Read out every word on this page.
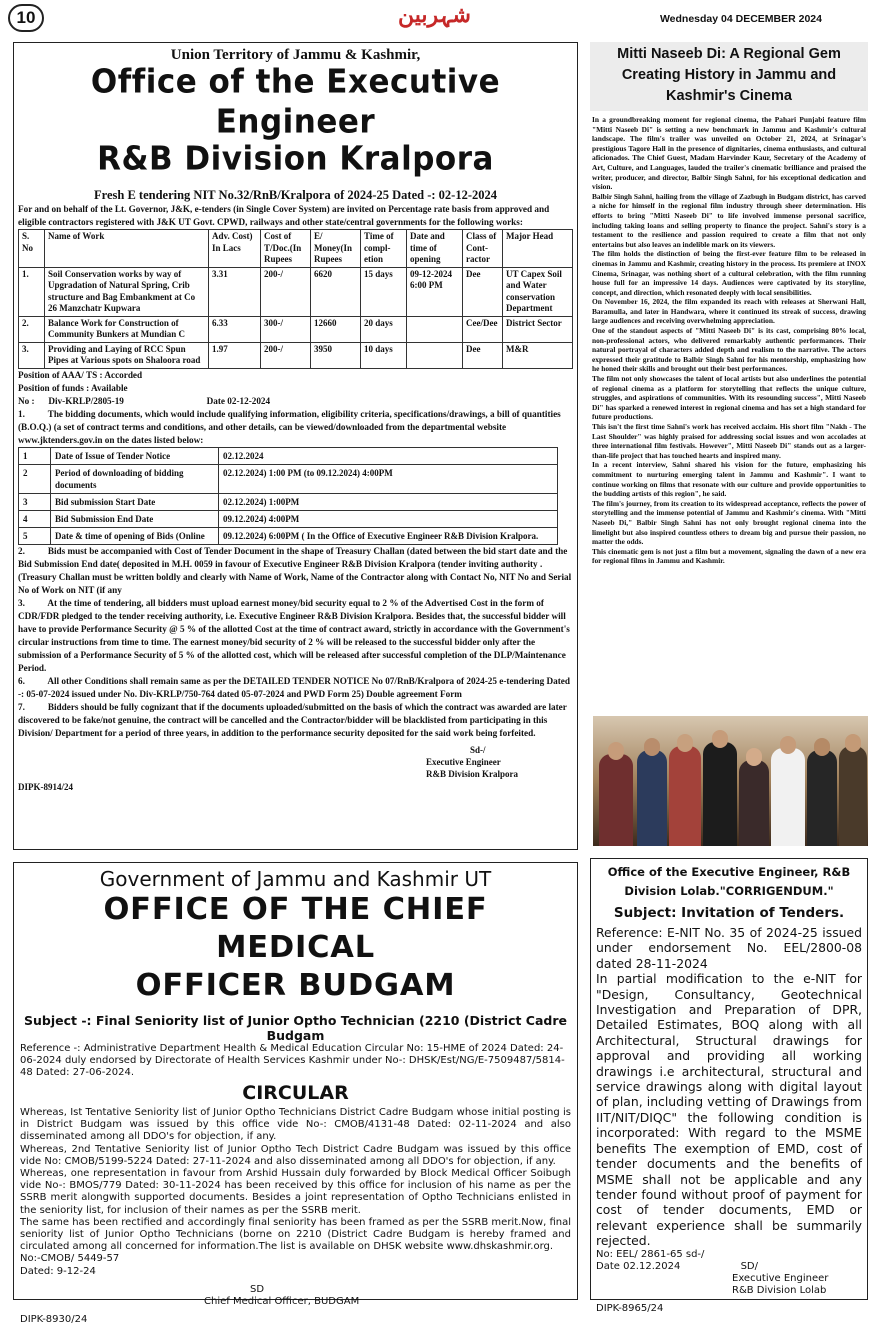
10	شہربین	Wednesday 04 DECEMBER 2024
Union Territory of Jammu & Kashmir,
Office of the Executive Engineer
R&B Division Kralpora
Fresh E tendering NIT No.32/RnB/Kralpora of 2024-25 Dated -: 02-12-2024

For and on behalf of the Lt. Governor, J&K, e-tenders (in Single Cover System) are invited on Percentage rate basis from approved and eligible contractors registered with J&K UT Govt. CPWD, railways and other state/central governments for the following works:

S. No	Name of Work	Adv. Cost) In Lacs	Cost of T/Doc.(In Rupees	E/ Money(In Rupees	Time of compl-etion	Date and time of opening	Class of Cont-ractor	Major Head
1.	Soil Conservation works by way of Upgradation of Natural Spring, Crib structure and Bag Embankment at Co 26 Manzchatr Kupwara	3.31	200-/	6620	15 days	09-12-2024 6:00 PM	Dee	UT Capex Soil and Water conservation Department
2.	Balance Work for Construction of Community Bunkers at Mundian C	6.33	300-/	12660	20 days		Cee/Dee	District Sector
3.	Providing and Laying of RCC Spun Pipes at Various spots on Shaloora road	1.97	200-/	3950	10 days		Dee	M&R

Position of AAA/ TS : Accorded

Position of funds : Available

No :      Div-KRLP/2805-19                                    Date 02-12-2024

1.          The bidding documents, which would include qualifying information, eligibility criteria, specifications/drawings, a bill of quantities (B.O.Q.) (a set of contract terms and conditions, and other details, can be viewed/downloaded from the departmental website www.jktenders.gov.in on the dates listed below:

1	Date of Issue of Tender Notice	02.12.2024
2	Period of downloading of bidding documents	02.12.2024) 1:00 PM (to 09.12.2024) 4:00PM
3	Bid submission Start Date	02.12.2024) 1:00PM
4	Bid Submission End Date	09.12.2024) 4:00PM
5	Date & time of opening of Bids (Online	09.12.2024) 6:00PM ( In the Office of Executive Engineer R&B Division Kralpora.

2.          Bids must be accompanied with Cost of Tender Document in the shape of Treasury Challan (dated between the bid start date and the Bid Submission End date( deposited in M.H. 0059 in favour of Executive Engineer R&B Division Kralpora (tender inviting authority .(Treasury Challan must be written boldly and clearly with Name of Work, Name of the Contractor along with Contact No, NIT No and Serial No of Work on NIT (if any

3.          At the time of tendering, all bidders must upload earnest money/bid security equal to 2 % of the Advertised Cost in the form of CDR/FDR pledged to the tender receiving authority, i.e. Executive Engineer R&B Division Kralpora. Besides that, the successful bidder will have to provide Performance Security @ 5 % of the allotted Cost at the time of contract award, strictly in accordance with the Government's circular instructions from time to time. The earnest money/bid security of 2 % will be released to the successful bidder only after the submission of a Performance Security of 5 % of the allotted cost, which will be released after successful completion of the DLP/Maintenance Period.

6.          All other Conditions shall remain same as per the DETAILED TENDER NOTICE No 07/RnB/Kralpora of 2024-25 e-tendering Dated -: 05-07-2024 issued under No. Div-KRLP/750-764 dated 05-07-2024 and PWD Form 25) Double agreement Form

7.          Bidders should be fully cognizant that if the documents uploaded/submitted on the basis of which the contract was awarded are later discovered to be fake/not genuine, the contract will be cancelled and the Contractor/bidder will be blacklisted from participating in this Division/ Department for a period of three years, in addition to the performance security deposited for the said work being forfeited.

Sd-/
Executive Engineer
R&B Division Kralpora
DIPK-8914/24
Mitti Naseeb Di: A Regional Gem Creating History in Jammu and Kashmir's Cinema
In a groundbreaking moment for regional cinema, the Pahari Punjabi feature film "Mitti Naseeb Di" is setting a new benchmark in Jammu and Kashmir's cultural landscape. The film's trailer was unveiled on October 21, 2024, at Srinagar's prestigious Tagore Hall in the presence of dignitaries, cinema enthusiasts, and cultural aficionados. The Chief Guest, Madam Harvinder Kaur, Secretary of the Academy of Art, Culture, and Languages, lauded the trailer's cinematic brilliance and praised the writer, producer, and director, Balbir Singh Sahni, for his exceptional dedication and vision.
Balbir Singh Sahni, hailing from the village of Zazbugh in Budgam district, has carved a niche for himself in the regional film industry through sheer determination. His efforts to bring "Mitti Naseeb Di" to life involved immense personal sacrifice, including taking loans and selling property to finance the project. Sahni's story is a testament to the resilience and passion required to create a film that not only entertains but also leaves an indelible mark on its viewers.
The film holds the distinction of being the first-ever feature film to be released in cinemas in Jammu and Kashmir, creating history in the process. Its premiere at INOX Cinema, Srinagar, was nothing short of a cultural celebration, with the film running house full for an impressive 14 days. Audiences were captivated by its storyline, concept, and direction, which resonated deeply with local sensibilities.
On November 16, 2024, the film expanded its reach with releases at Sherwani Hall, Baramulla, and later in Handwara, where it continued its streak of success, drawing large audiences and receiving overwhelming appreciation.
One of the standout aspects of "Mitti Naseeb Di" is its cast, comprising 80% local, non-professional actors, who delivered remarkably authentic performances. Their natural portrayal of characters added depth and realism to the narrative. The actors expressed their gratitude to Balbir Singh Sahni for his mentorship, emphasizing how he honed their skills and brought out their best performances.
The film not only showcases the talent of local artists but also underlines the potential of regional cinema as a platform for storytelling that reflects the unique culture, struggles, and aspirations of communities. With its resounding success", Mitti Naseeb Di" has sparked a renewed interest in regional cinema and has set a high standard for future productions.
This isn't the first time Sahni's work has received acclaim. His short film "Nakh - The Last Shoulder" was highly praised for addressing social issues and won accolades at three international film festivals. However", Mitti Naseeb Di" stands out as a larger-than-life project that has touched hearts and inspired many.
In a recent interview, Sahni shared his vision for the future, emphasizing his commitment to nurturing emerging talent in Jammu and Kashmir". I want to continue working on films that resonate with our culture and provide opportunities to the budding artists of this region", he said.
The film's journey, from its creation to its widespread acceptance, reflects the power of storytelling and the immense potential of Jammu and Kashmir's cinema. With "Mitti Naseeb Di," Balbir Singh Sahni has not only brought regional cinema into the limelight but also inspired countless others to dream big and pursue their passion, no matter the odds.
This cinematic gem is not just a film but a movement, signaling the dawn of a new era for regional films in Jammu and Kashmir.
Government of Jammu and Kashmir UT
OFFICE OF THE CHIEF MEDICAL
OFFICER BUDGAM
Subject -: Final Seniority list of Junior Optho Technician (2210 (District Cadre Budgam
Reference -: Administrative Department Health & Medical Education Circular No: 15-HME of 2024 Dated: 24-06-2024 duly endorsed by Directorate of Health Services Kashmir under No-: DHSK/Est/NG/E-7509487/5814-48 Dated: 27-06-2024.
CIRCULAR
Whereas, Ist Tentative Seniority list of Junior Optho Technicians District Cadre Budgam whose initial posting is in District Budgam was issued by this office vide No-: CMOB/4131-48 Dated: 02-11-2024 and also disseminated among all DDO's for objection, if any.
Whereas, 2nd Tentative Seniority list of Junior Optho Tech District Cadre Budgam was issued by this office vide No: CMOB/5199-5224 Dated: 27-11-2024 and also disseminated among all DDO's for objection, if any.
Whereas, one representation in favour from Arshid Hussain duly forwarded by Block Medical Officer Soibugh vide No-: BMOS/779 Dated: 30-11-2024 has been received by this office for inclusion of his name as per the SSRB merit alongwith supported documents. Besides a joint representation of Optho Technicians enlisted in the seniority list, for inclusion of their names as per the SSRB merit.
The same has been rectified and accordingly final seniority has been framed as per the SSRB merit.Now, final seniority list of Junior Optho Technicians (borne on 2210 (District Cadre Budgam is hereby framed and circulated among all concerned for information.The list is available on DHSK website www.dhskashmir.org.
No:-CMOB/ 5449-57
Dated: 9-12-24
SD
Chief Medical Officer, BUDGAM
DIPK-8930/24
Office of the Executive Engineer, R&B Division Lolab."CORRIGENDUM."
Subject: Invitation of Tenders.
Reference: E-NIT No. 35 of 2024-25 issued under endorsement No. EEL/2800-08 dated 28-11-2024
In partial modification to the e-NIT for "Design, Consultancy, Geotechnical Investigation and Preparation of DPR, Detailed Estimates, BOQ along with all Architectural, Structural drawings for approval and providing all working drawings i.e architectural, structural and service drawings along with digital layout of plan, including vetting of Drawings from IIT/NIT/DIQC" the following condition is incorporated: With regard to the MSME benefits The exemption of EMD, cost of tender documents and the benefits of MSME shall not be applicable and any tender found without proof of payment for cost of tender documents, EMD or relevant experience shall be summarily rejected.
No: EEL/ 2861-65 sd-/
Date 02.12.2024	SD/
Executive Engineer
R&B Division Lolab
DIPK-8965/24
